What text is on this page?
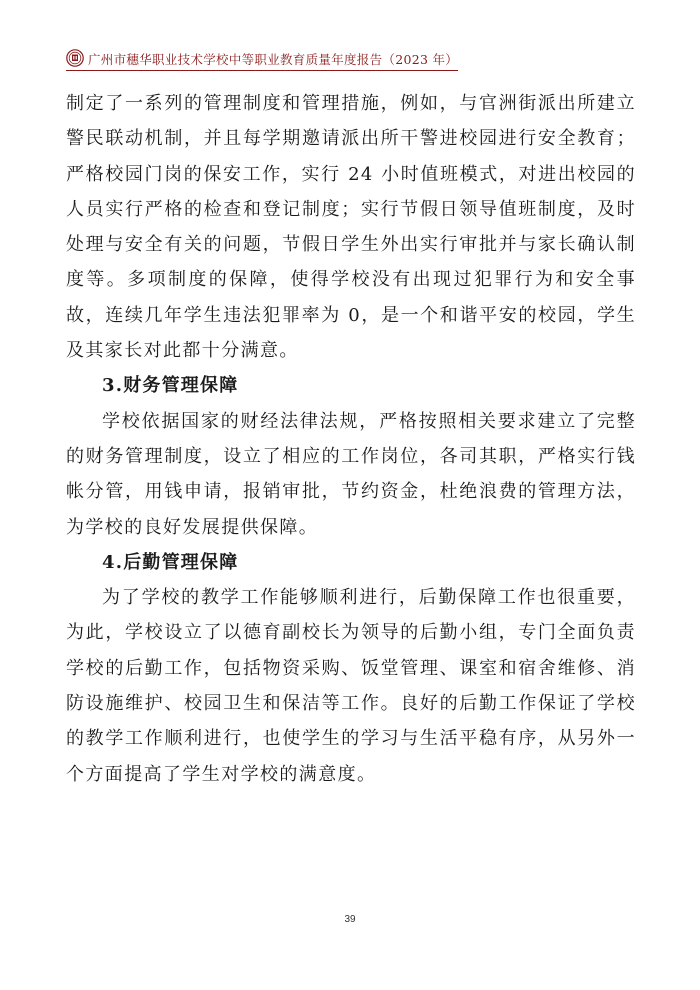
广州市穗华职业技术学校中等职业教育质量年度报告（2023 年）

制定了一系列的管理制度和管理措施，例如，与官洲街派出所建立警民联动机制，并且每学期邀请派出所干警进校园进行安全教育；严格校园门岗的保安工作，实行 24 小时值班模式，对进出校园的人员实行严格的检查和登记制度；实行节假日领导值班制度，及时处理与安全有关的问题，节假日学生外出实行审批并与家长确认制度等。多项制度的保障，使得学校没有出现过犯罪行为和安全事故，连续几年学生违法犯罪率为 0，是一个和谐平安的校园，学生及其家长对此都十分满意。

3.财务管理保障

学校依据国家的财经法律法规，严格按照相关要求建立了完整的财务管理制度，设立了相应的工作岗位，各司其职，严格实行钱帐分管，用钱申请，报销审批，节约资金，杜绝浪费的管理方法，为学校的良好发展提供保障。

4.后勤管理保障

为了学校的教学工作能够顺利进行，后勤保障工作也很重要，为此，学校设立了以德育副校长为领导的后勤小组，专门全面负责学校的后勤工作，包括物资采购、饭堂管理、课室和宿舍维修、消防设施维护、校园卫生和保洁等工作。良好的后勤工作保证了学校的教学工作顺利进行，也使学生的学习与生活平稳有序，从另外一个方面提高了学生对学校的满意度。

39
